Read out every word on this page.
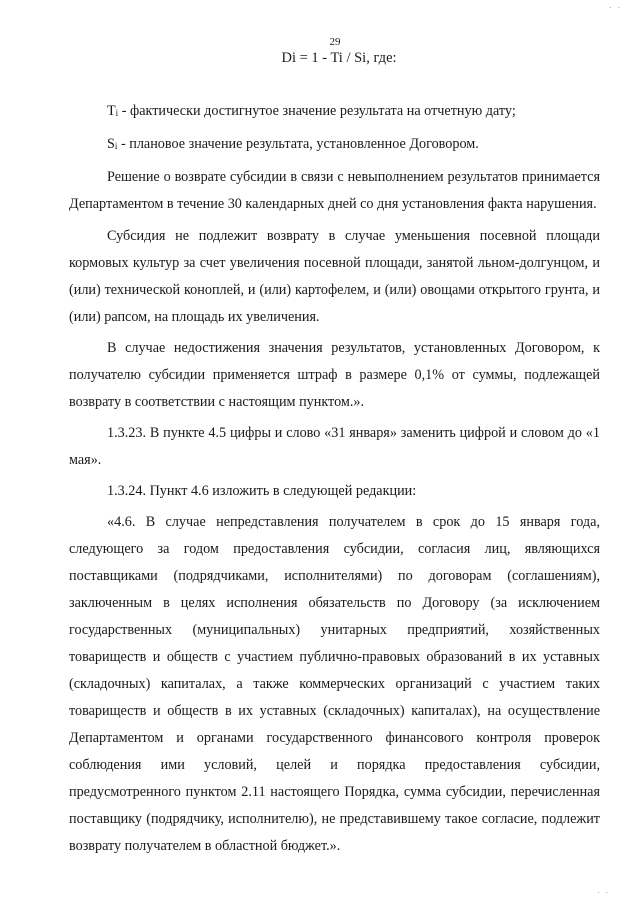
. .
29
Di = 1 - Ti / Si, где:

$T_i$ - фактически достигнутое значение результата на отчетную дату;

$S_i$ - плановое значение результата, установленное Договором.

Решение о возврате субсидии в связи с невыполнением результатов принимается Департаментом в течение 30 календарных дней со дня установления факта нарушения.

Субсидия не подлежит возврату в случае уменьшения посевной площади кормовых культур за счет увеличения посевной площади, занятой льном-долгунцом, и (или) технической коноплей, и (или) картофелем, и (или) овощами открытого грунта, и (или) рапсом, на площадь их увеличения.

В случае недостижения значения результатов, установленных Договором, к получателю субсидии применяется штраф в размере 0,1% от суммы, подлежащей возврату в соответствии с настоящим пунктом.».

1.3.23. В пункте 4.5 цифры и слово «31 января» заменить цифрой и словом до «1 мая».

1.3.24. Пункт 4.6 изложить в следующей редакции:

«4.6. В случае непредставления получателем в срок до 15 января года, следующего за годом предоставления субсидии, согласия лиц, являющихся поставщиками (подрядчиками, исполнителями) по договорам (соглашениям), заключенным в целях исполнения обязательств по Договору (за исключением государственных (муниципальных) унитарных предприятий, хозяйственных товариществ и обществ с участием публично-правовых образований в их уставных (складочных) капиталах, а также коммерческих организаций с участием таких товариществ и обществ в их уставных (складочных) капиталах), на осуществление Департаментом и органами государственного финансового контроля проверок соблюдения ими условий, целей и порядка предоставления субсидии, предусмотренного пунктом 2.11 настоящего Порядка, сумма субсидии, перечисленная поставщику (подрядчику, исполнителю), не представившему такое согласие, подлежит возврату получателем в областной бюджет.».

. .
